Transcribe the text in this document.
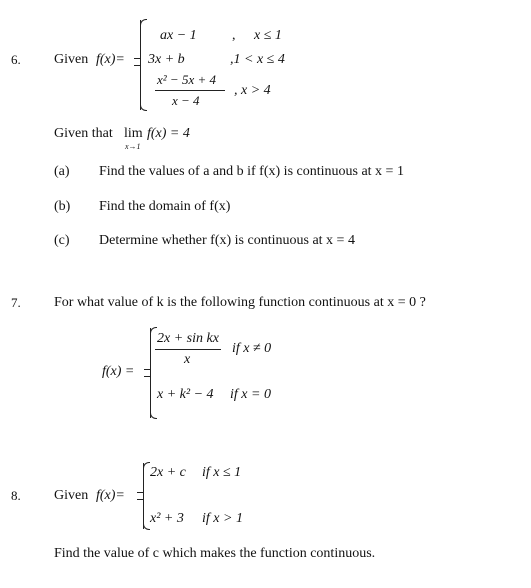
6. Given f(x)=
ax − 1	, x ≤ 1
3x + b	,1 < x ≤ 4
x² − 5x + 4
x − 4
, x > 4
Given that lim
x→1
f(x) = 4
(a) Find the values of a and b if f(x) is continuous at x = 1
(b) Find the domain of f(x)
(c) Determine whether f(x) is continuous at x = 4
7. For what value of k is the following function continuous at x = 0 ?
f(x) =
2x + sin kx
x
if x ≠ 0
x + k² − 4 if x = 0
8. Given f(x)=
2x + c if x ≤ 1
x² + 3 if x > 1
Find the value of c which makes the function continuous.
